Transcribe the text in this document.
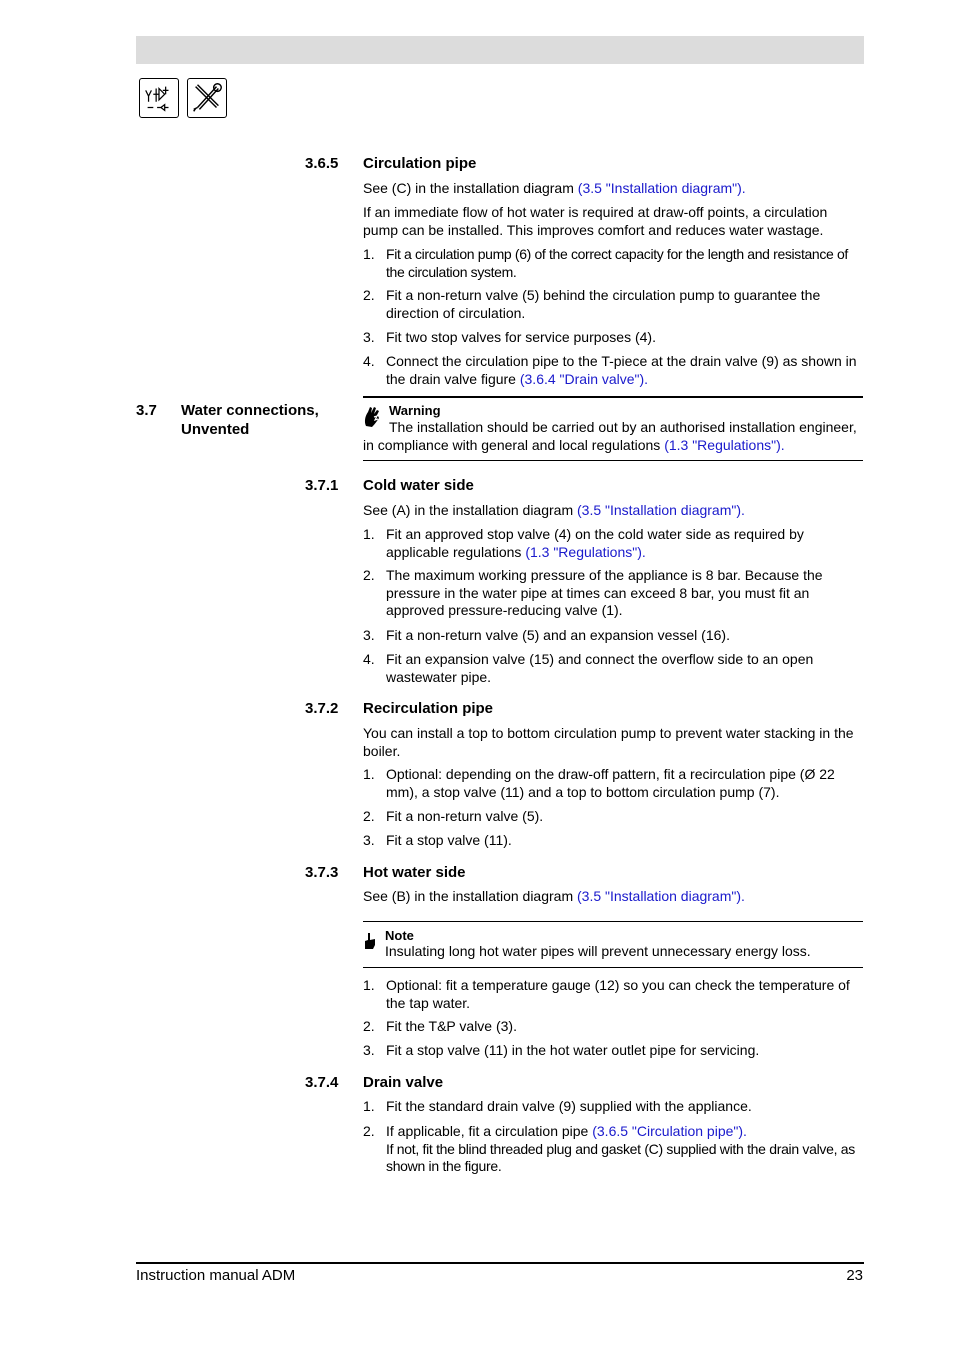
3.6.5 Circulation pipe
See (C) in the installation diagram (3.5 "Installation diagram").
If an immediate flow of hot water is required at draw-off points, a circulation pump can be installed. This improves comfort and reduces water wastage.
1. Fit a circulation pump (6) of the correct capacity for the length and resistance of the circulation system.
2. Fit a non-return valve (5) behind the circulation pump to guarantee the direction of circulation.
3. Fit two stop valves for service purposes (4).
4. Connect the circulation pipe to the T-piece at the drain valve (9) as shown in the drain valve figure (3.6.4 "Drain valve").
3.7 Water connections,
Unvented
Warning
The installation should be carried out by an authorised installation engineer, in compliance with general and local regulations (1.3 "Regulations").
3.7.1 Cold water side
See (A) in the installation diagram (3.5 "Installation diagram").
1. Fit an approved stop valve (4) on the cold water side as required by applicable regulations (1.3 "Regulations").
2. The maximum working pressure of the appliance is 8 bar. Because the pressure in the water pipe at times can exceed 8 bar, you must fit an approved pressure-reducing valve (1).
3. Fit a non-return valve (5) and an expansion vessel (16).
4. Fit an expansion valve (15) and connect the overflow side to an open wastewater pipe.
3.7.2 Recirculation pipe
You can install a top to bottom circulation pump to prevent water stacking in the boiler.
1. Optional: depending on the draw-off pattern, fit a recirculation pipe (Ø 22 mm), a stop valve (11) and a top to bottom circulation pump (7).
2. Fit a non-return valve (5).
3. Fit a stop valve (11).
3.7.3 Hot water side
See (B) in the installation diagram (3.5 "Installation diagram").
Note
Insulating long hot water pipes will prevent unnecessary energy loss.
1. Optional: fit a temperature gauge (12) so you can check the temperature of the tap water.
2. Fit the T&P valve (3).
3. Fit a stop valve (11) in the hot water outlet pipe for servicing.
3.7.4 Drain valve
1. Fit the standard drain valve (9) supplied with the appliance.
2. If applicable, fit a circulation pipe (3.6.5 "Circulation pipe").
If not, fit the blind threaded plug and gasket (C) supplied with the drain valve, as shown in the figure.
Instruction manual ADM	23
